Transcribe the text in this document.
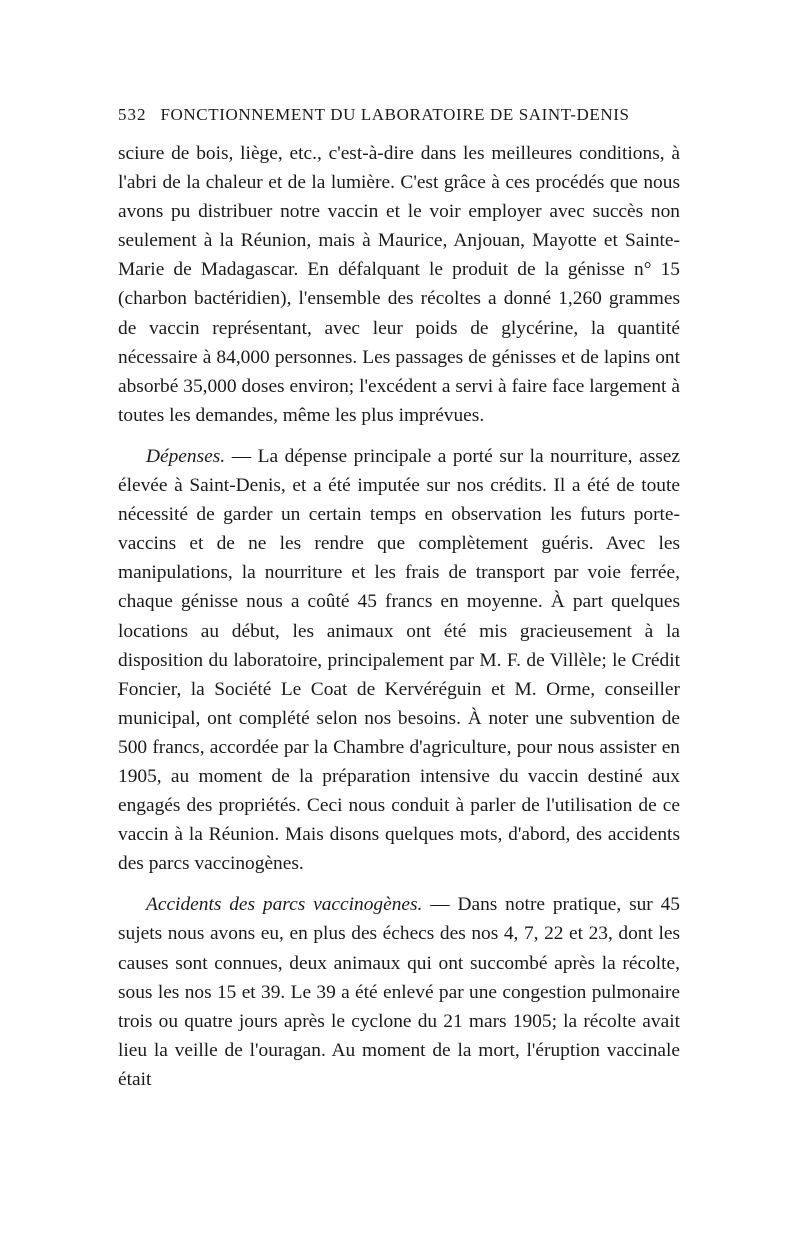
532 FONCTIONNEMENT DU LABORATOIRE DE SAINT-DENIS

sciure de bois, liège, etc., c'est-à-dire dans les meilleures conditions, à l'abri de la chaleur et de la lumière. C'est grâce à ces procédés que nous avons pu distribuer notre vaccin et le voir employer avec succès non seulement à la Réunion, mais à Maurice, Anjouan, Mayotte et Sainte-Marie de Madagascar. En défalquant le produit de la génisse n° 15 (charbon bactéridien), l'ensemble des récoltes a donné 1,260 grammes de vaccin représentant, avec leur poids de glycérine, la quantité nécessaire à 84,000 personnes. Les passages de génisses et de lapins ont absorbé 35,000 doses environ; l'excédent a servi à faire face largement à toutes les demandes, même les plus imprévues.

Dépenses. — La dépense principale a porté sur la nourriture, assez élevée à Saint-Denis, et a été imputée sur nos crédits. Il a été de toute nécessité de garder un certain temps en observation les futurs porte-vaccins et de ne les rendre que complètement guéris. Avec les manipulations, la nourriture et les frais de transport par voie ferrée, chaque génisse nous a coûté 45 francs en moyenne. À part quelques locations au début, les animaux ont été mis gracieusement à la disposition du laboratoire, principalement par M. F. de Villèle; le Crédit Foncier, la Société Le Coat de Kervéréguin et M. Orme, conseiller municipal, ont complété selon nos besoins. À noter une subvention de 500 francs, accordée par la Chambre d'agriculture, pour nous assister en 1905, au moment de la préparation intensive du vaccin destiné aux engagés des propriétés. Ceci nous conduit à parler de l'utilisation de ce vaccin à la Réunion. Mais disons quelques mots, d'abord, des accidents des parcs vaccinogènes.

Accidents des parcs vaccinogènes. — Dans notre pratique, sur 45 sujets nous avons eu, en plus des échecs des nos 4, 7, 22 et 23, dont les causes sont connues, deux animaux qui ont succombé après la récolte, sous les nos 15 et 39. Le 39 a été enlevé par une congestion pulmonaire trois ou quatre jours après le cyclone du 21 mars 1905; la récolte avait lieu la veille de l'ouragan. Au moment de la mort, l'éruption vaccinale était
